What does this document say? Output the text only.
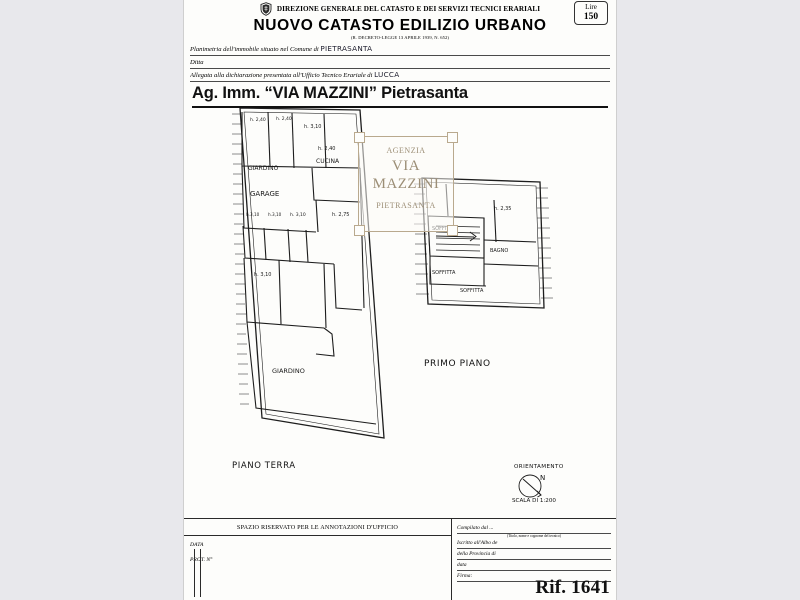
Lire
150
DIREZIONE GENERALE DEL CATASTO E DEI SERVIZI TECNICI ERARIALI
NUOVO CATASTO EDILIZIO URBANO
(R. DECRETO-LEGGE 13 APRILE 1939, N. 652)
Planimetria dell'immobile situato nel Comune di PIETRASANTA
Ditta
Allegata alla dichiarazione presentata all'Ufficio Tecnico Erariale di LUCCA
Ag. Imm. “VIA MAZZINI” Pietrasanta
GIARDINO
CUCINA
GARAGE
GIARDINO
h. 2,40 h. 2,40
h. 3,10
h. 2,40
h. 2,75
h.3,10 h.3,10 h. 3,10
h. 3,10	SOFFITTA
SOFFITTA
BAGNO
h. 2,35
PIANO TERRA
PRIMO PIANO
ORIENTAMENTO
N
SCALA DI 1:200
AGENZIA
VIA
MAZZINI
PIETRASANTA
SPAZIO RISERVATO PER LE ANNOTAZIONI D'UFFICIO
DATA
PROT. N°
Compilato dal ...
(Titolo, nome e cognome del tecnico)
Iscritto all'Albo de
della Provincia di
data
Firma:
Rif. 1641
